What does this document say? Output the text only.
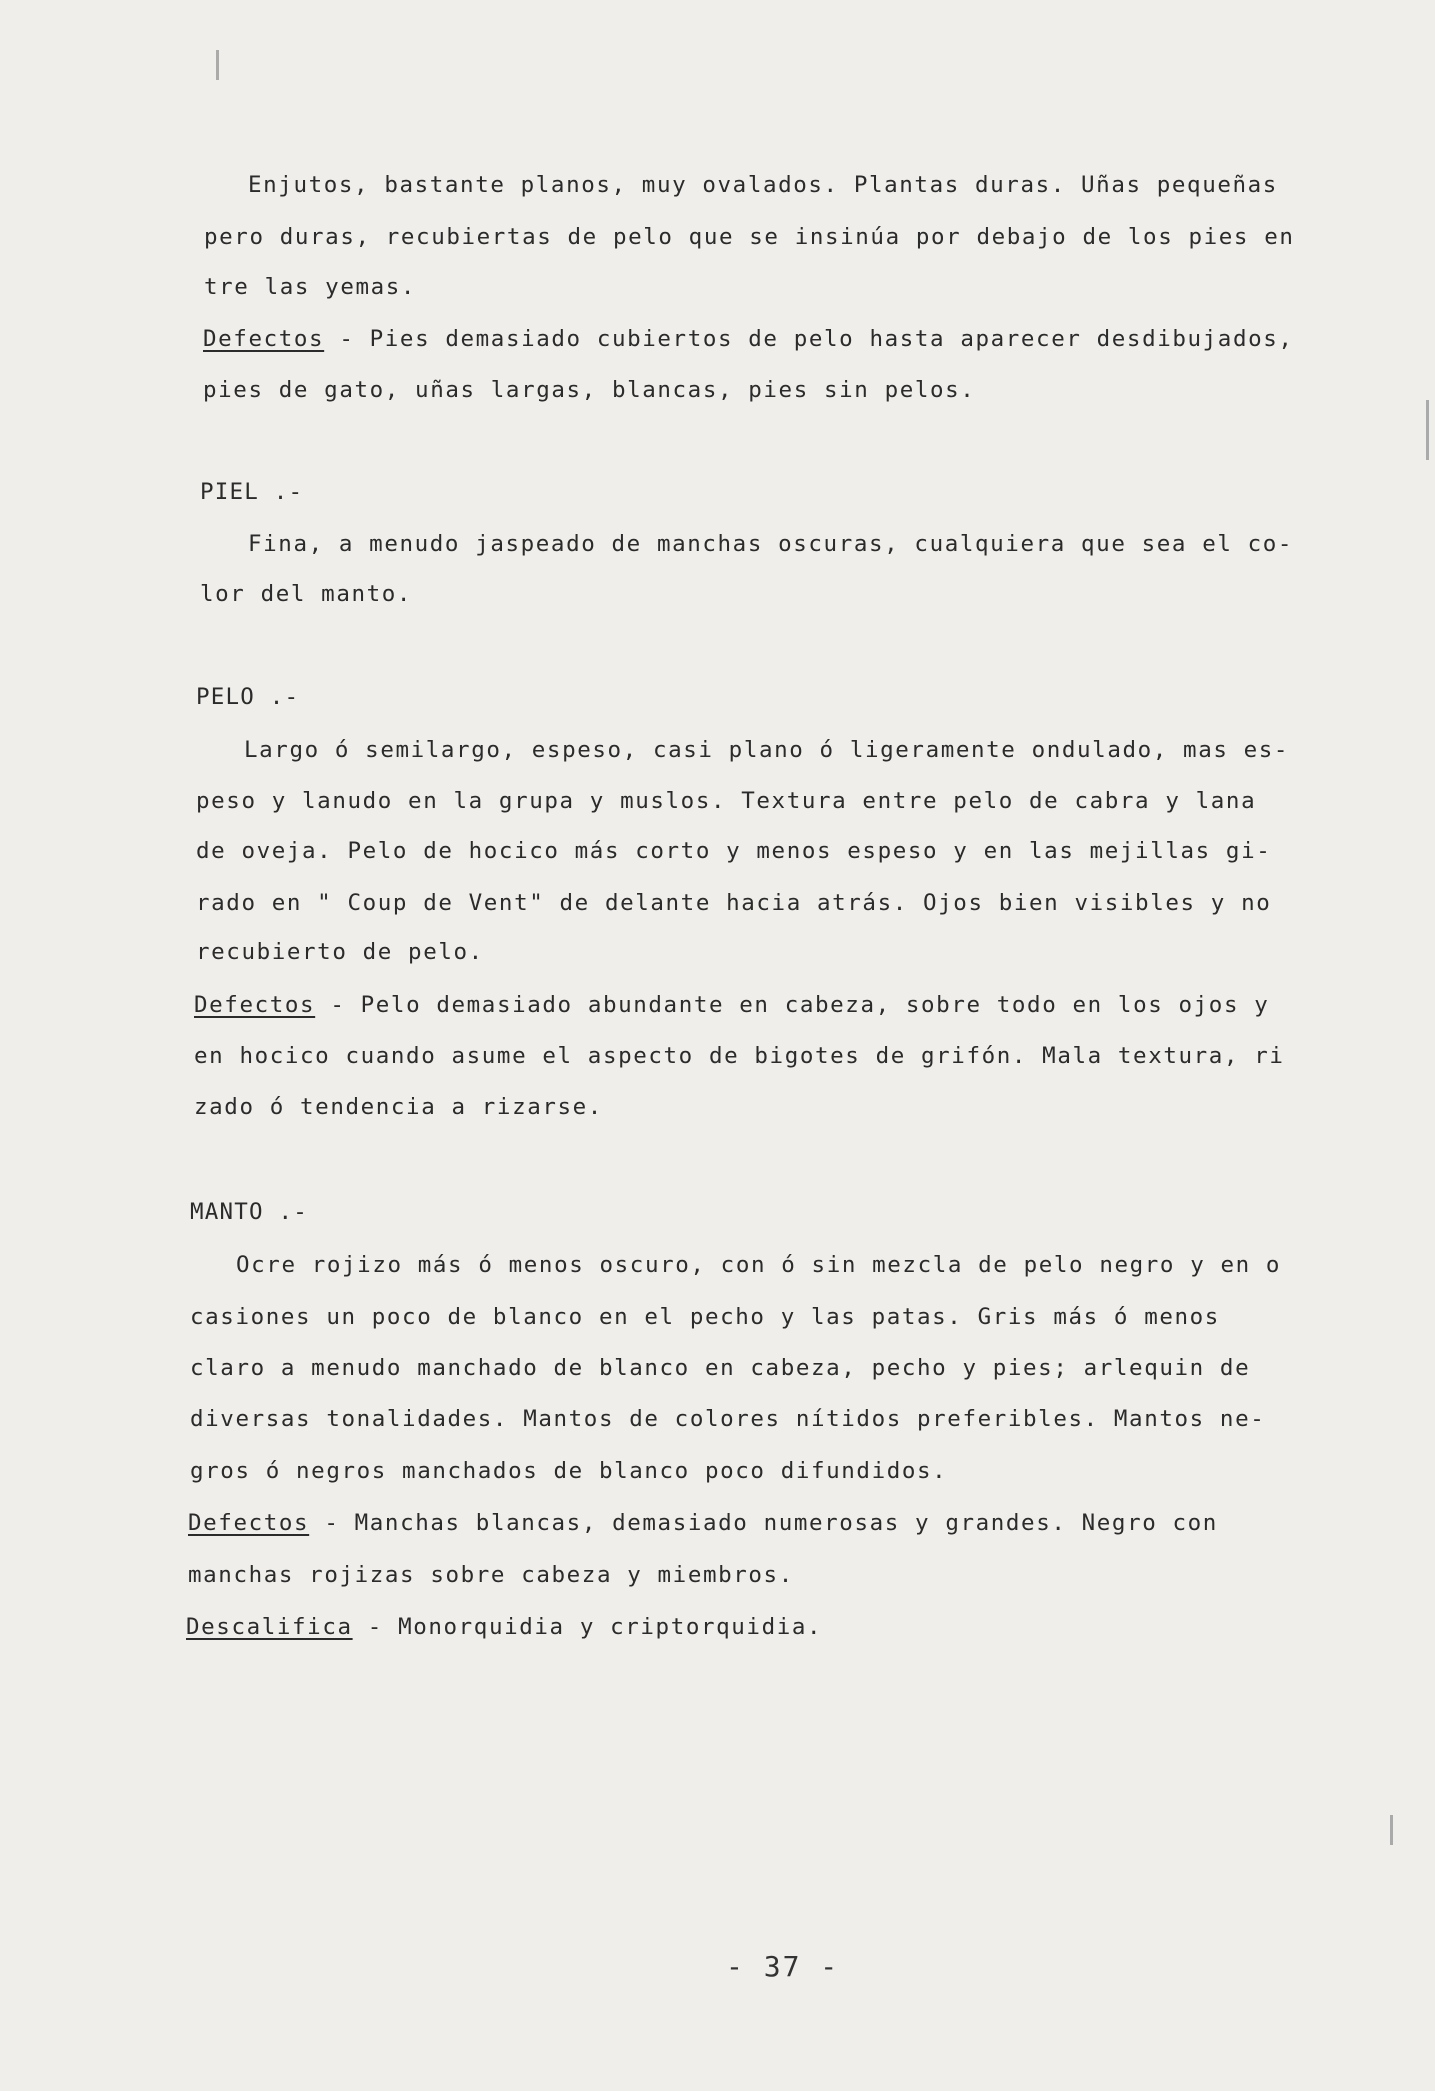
Enjutos, bastante planos, muy ovalados. Plantas duras. Uñas pequeñas
pero duras, recubiertas de pelo que se insinúa por debajo de los pies en
tre las yemas.
Defectos - Pies demasiado cubiertos de pelo hasta aparecer desdibujados,
pies de gato, uñas largas, blancas, pies sin pelos.
PIEL .-
Fina, a menudo jaspeado de manchas oscuras, cualquiera que sea el co-
lor del manto.
PELO .-
Largo ó semilargo, espeso, casi plano ó ligeramente ondulado, mas es-
peso y lanudo en la grupa y muslos. Textura entre pelo de cabra y lana
de oveja. Pelo de hocico más corto y menos espeso y en las mejillas gi-
rado en " Coup de Vent" de delante hacia atrás. Ojos bien visibles y no
recubierto de pelo.
Defectos - Pelo demasiado abundante en cabeza, sobre todo en los ojos y
en hocico cuando asume el aspecto de bigotes de grifón. Mala textura, ri
zado ó tendencia a rizarse.
MANTO .-
Ocre rojizo más ó menos oscuro, con ó sin mezcla de pelo negro y en o
casiones un poco de blanco en el pecho y las patas. Gris más ó menos
claro a menudo manchado de blanco en cabeza, pecho y pies; arlequin de
diversas tonalidades. Mantos de colores nítidos preferibles. Mantos ne-
gros ó negros manchados de blanco poco difundidos.
Defectos - Manchas blancas, demasiado numerosas y grandes. Negro con
manchas rojizas sobre cabeza y miembros.
Descalifica - Monorquidia y criptorquidia.
- 37 -
